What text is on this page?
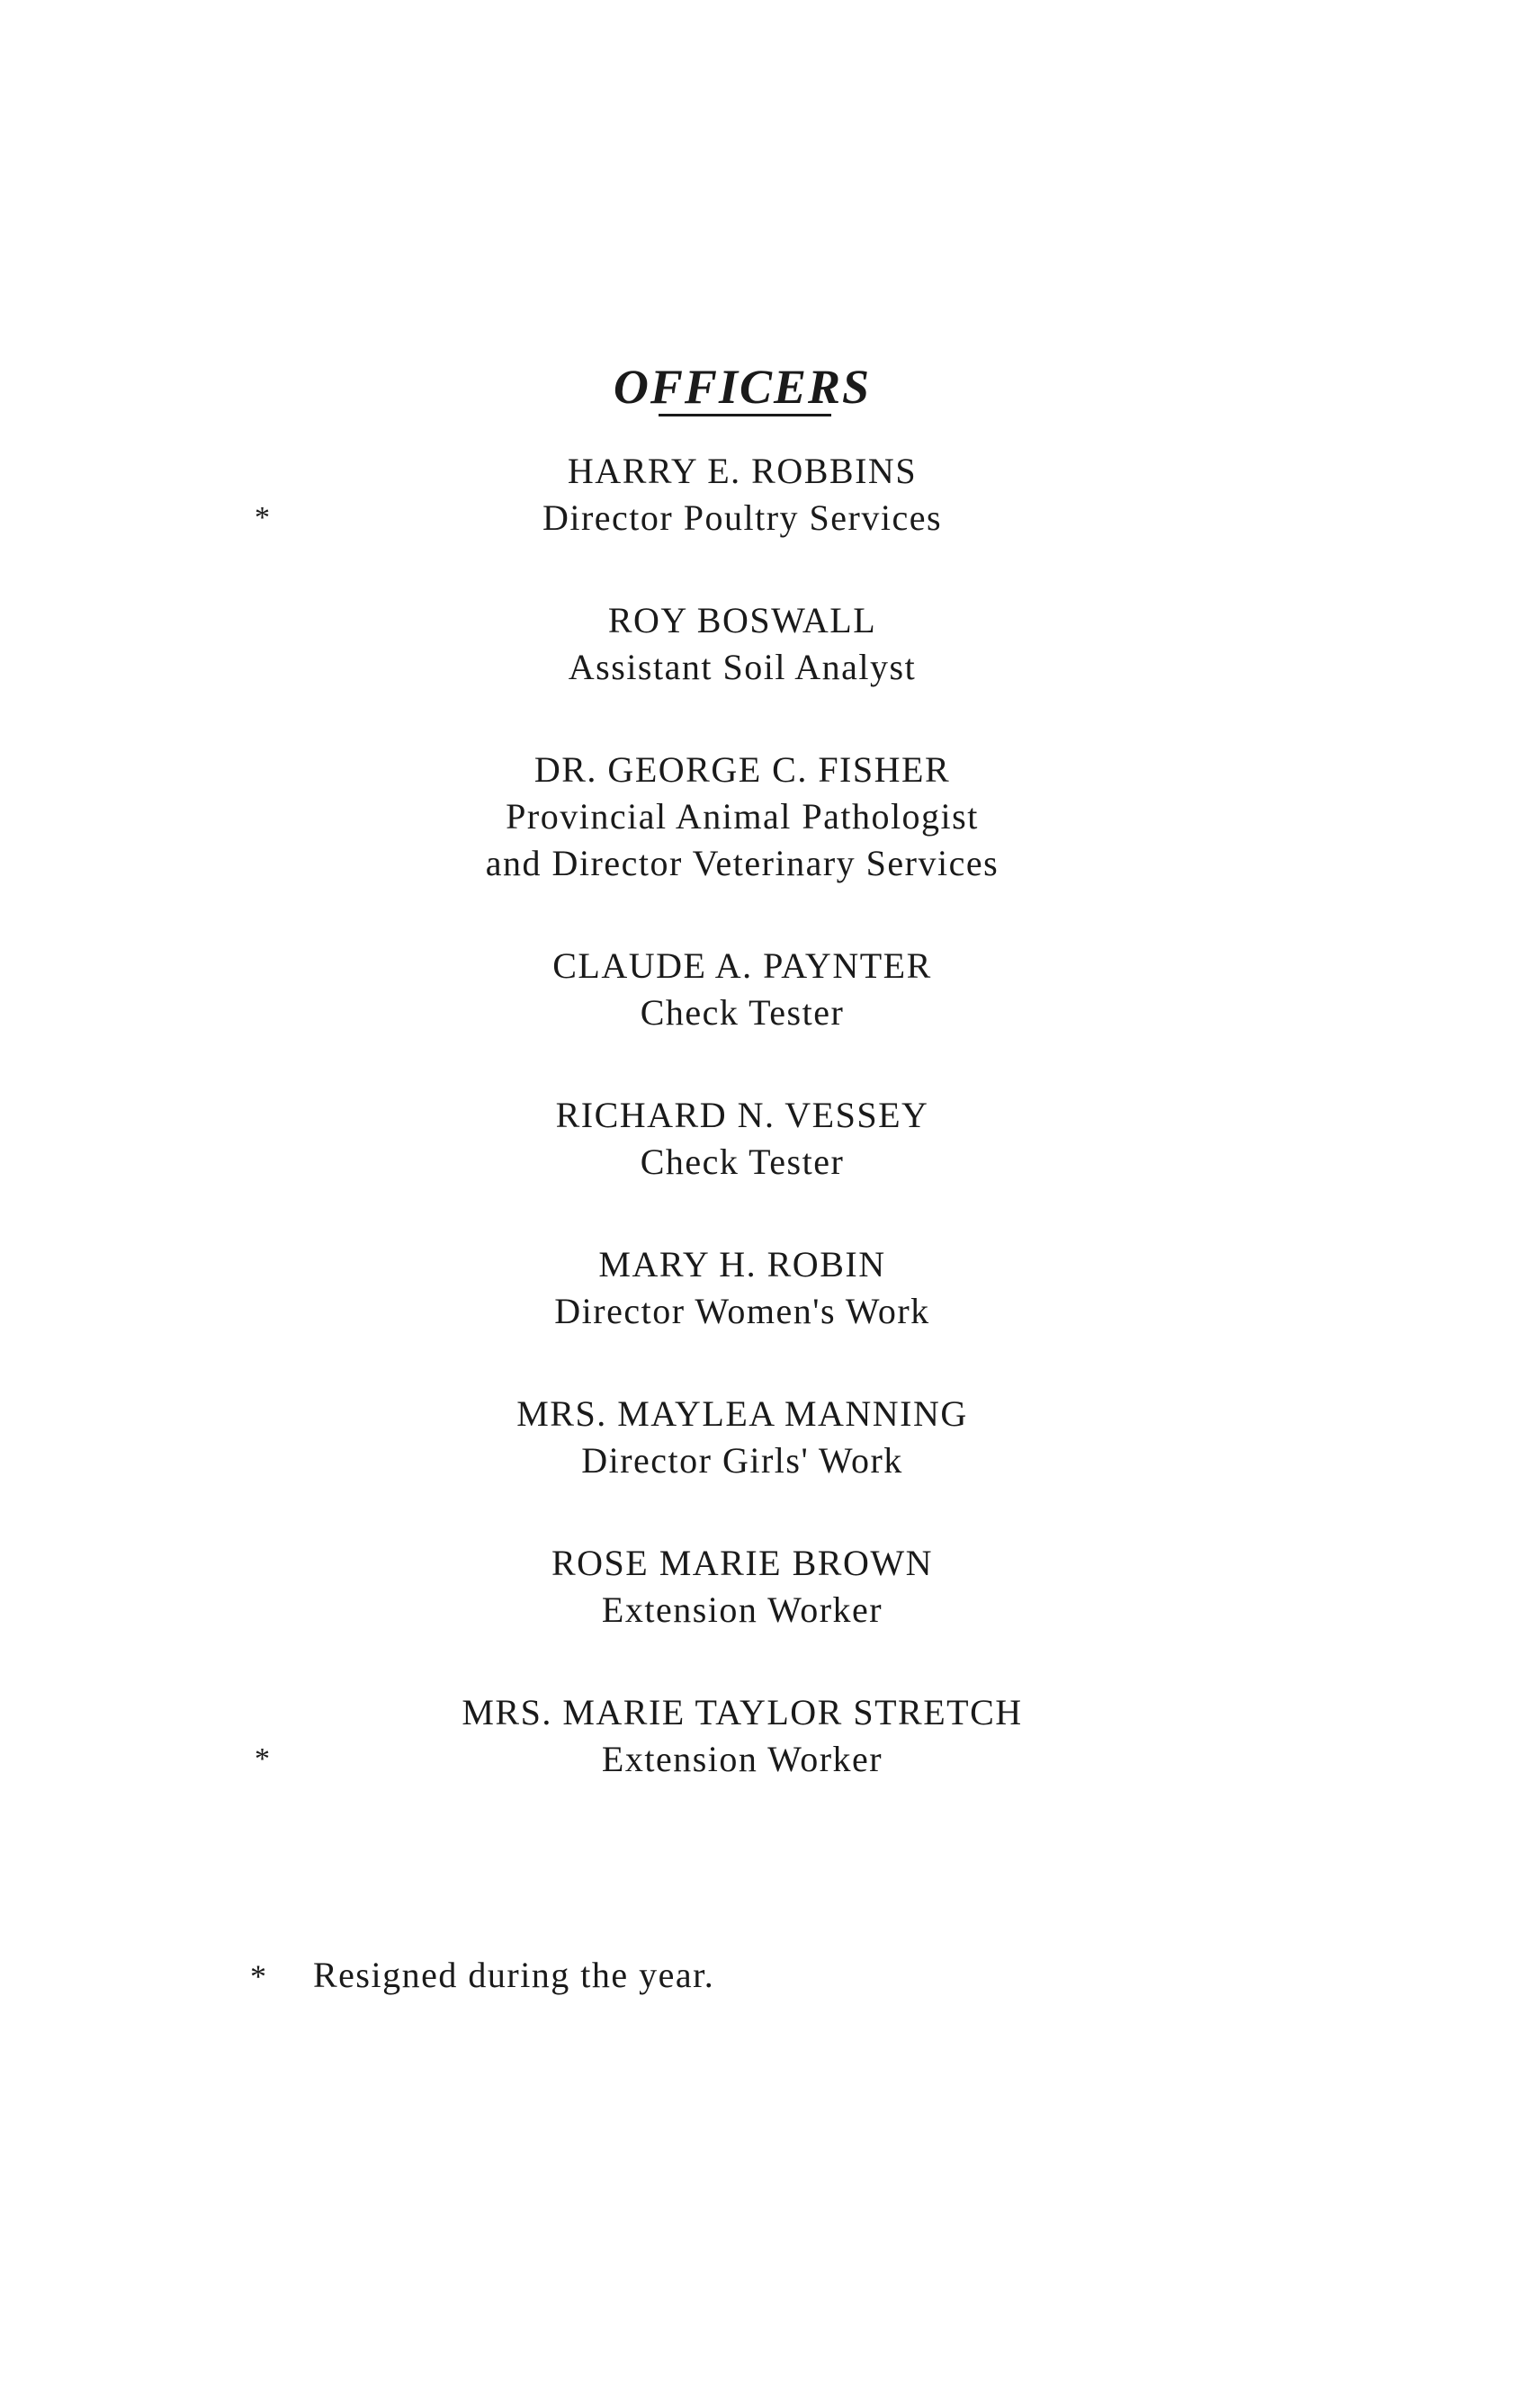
OFFICERS
*
HARRY E. ROBBINS
Director Poultry Services
ROY BOSWALL
Assistant Soil Analyst
DR. GEORGE C. FISHER
Provincial Animal Pathologist
and Director Veterinary Services
CLAUDE A. PAYNTER
Check Tester
RICHARD N. VESSEY
Check Tester
MARY H. ROBIN
Director Women's Work
MRS. MAYLEA MANNING
Director Girls' Work
ROSE MARIE BROWN
Extension Worker
*
MRS. MARIE TAYLOR STRETCH
Extension Worker
* Resigned during the year.
